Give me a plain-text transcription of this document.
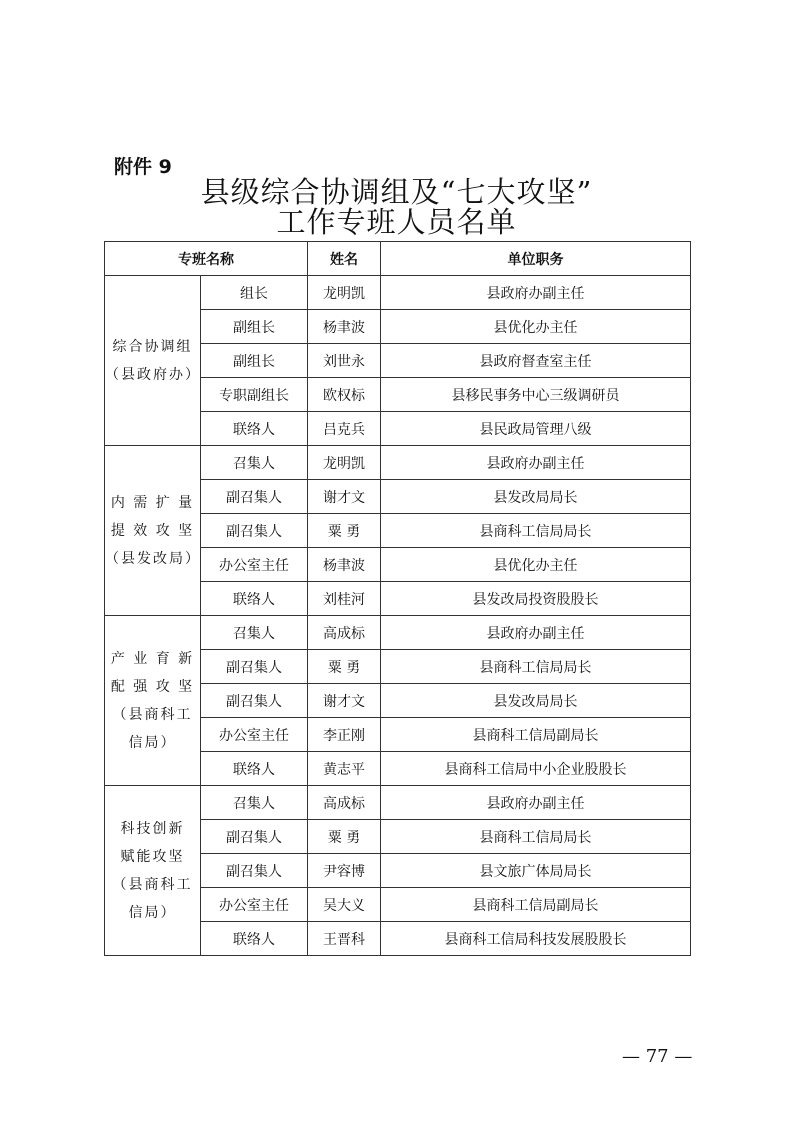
附件 9
县级综合协调组及“七大攻坚”
工作专班人员名单
专班名称		姓名	单位职务

综合协调组
（县政府办）	组长	龙明凯	县政府办副主任
	副组长	杨聿波	县优化办主任
	副组长	刘世永	县政府督查室主任
	专职副组长	欧权标	县移民事务中心三级调研员
	联络人	吕克兵	县民政局管理八级

内 需 扩 量
提 效 攻 坚
（县发改局）	召集人	龙明凯	县政府办副主任
	副召集人	谢才文	县发改局局长
	副召集人	粟 勇	县商科工信局局长
	办公室主任	杨聿波	县优化办主任
	联络人	刘桂河	县发改局投资股股长

产 业 育 新
配 强 攻 坚
（县商科工
信局）	召集人	高成标	县政府办副主任
	副召集人	粟 勇	县商科工信局局长
	副召集人	谢才文	县发改局局长
	办公室主任	李正刚	县商科工信局副局长
	联络人	黄志平	县商科工信局中小企业股股长

科技创新
赋能攻坚
（县商科工
信局）	召集人	高成标	县政府办副主任
	副召集人	粟 勇	县商科工信局局长
	副召集人	尹容博	县文旅广体局局长
	办公室主任	吴大义	县商科工信局副局长
	联络人	王晋科	县商科工信局科技发展股股长
— 77 —
